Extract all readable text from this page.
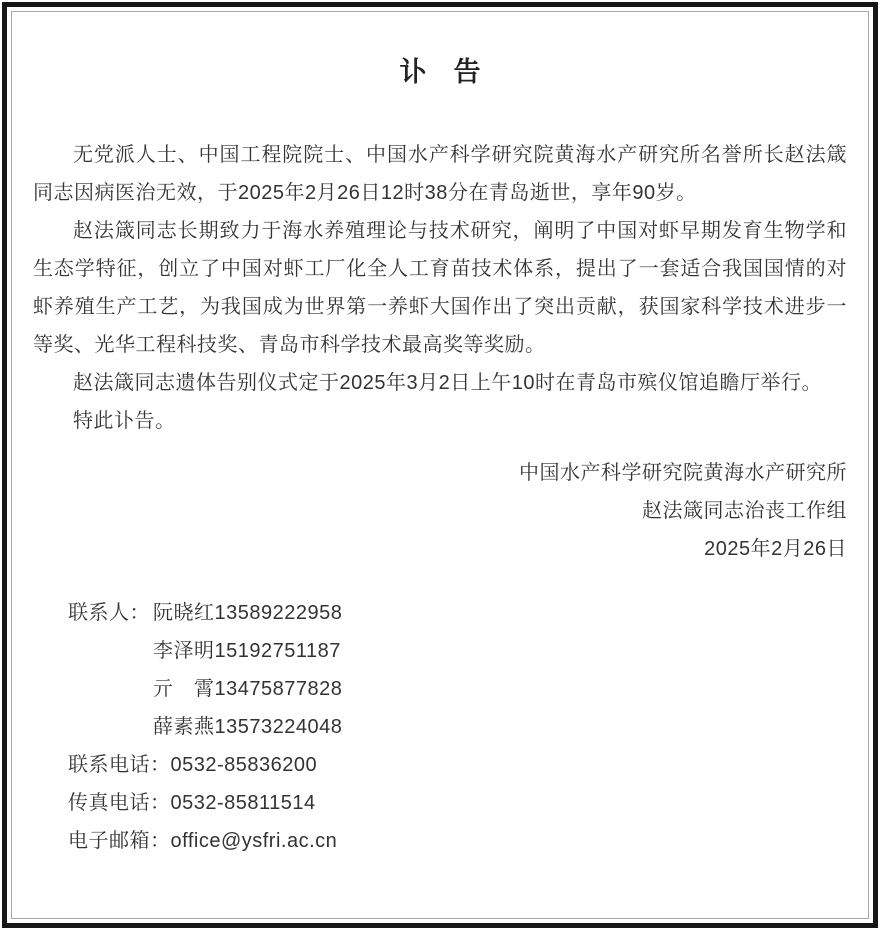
讣　告

无党派人士、中国工程院院士、中国水产科学研究院黄海水产研究所名誉所长赵法箴同志因病医治无效，于2025年2月26日12时38分在青岛逝世，享年90岁。

赵法箴同志长期致力于海水养殖理论与技术研究，阐明了中国对虾早期发育生物学和生态学特征，创立了中国对虾工厂化全人工育苗技术体系，提出了一套适合我国国情的对虾养殖生产工艺，为我国成为世界第一养虾大国作出了突出贡献，获国家科学技术进步一等奖、光华工程科技奖、青岛市科学技术最高奖等奖励。

赵法箴同志遗体告别仪式定于2025年3月2日上午10时在青岛市殡仪馆追瞻厅举行。

特此讣告。

中国水产科学研究院黄海水产研究所
赵法箴同志治丧工作组
2025年2月26日
联系人： 阮晓红13589222958
李泽明15192751187
亓　霄13475877828
薛素燕13573224048
联系电话：0532-85836200
传真电话：0532-85811514
电子邮箱：office@ysfri.ac.cn
